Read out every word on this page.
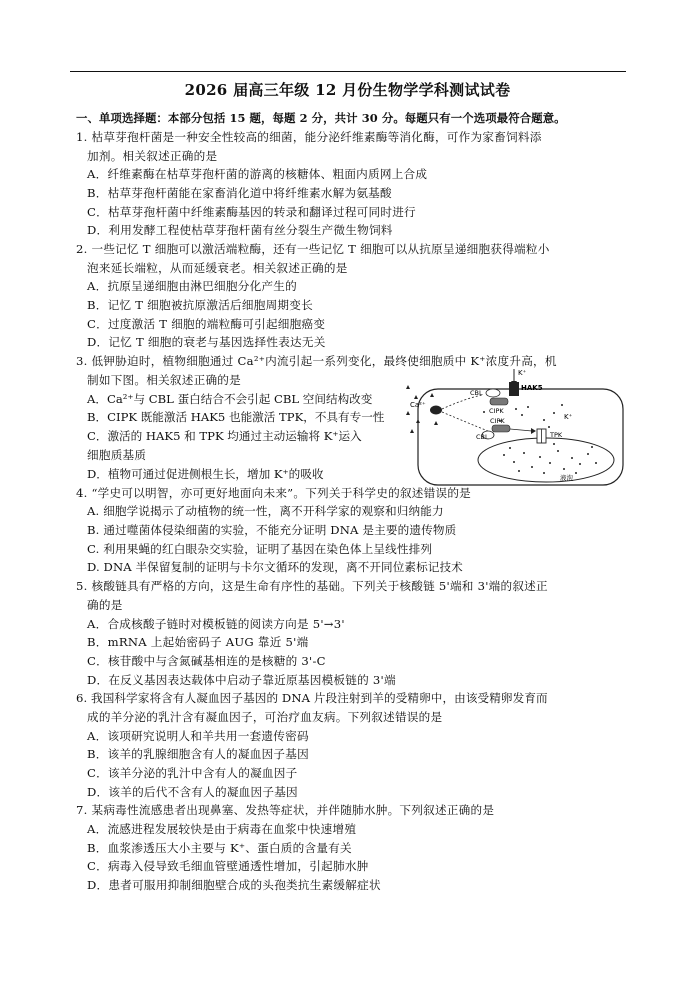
2026 届高三年级 12 月份生物学学科测试试卷
一、单项选择题：本部分包括 15 题，每题 2 分，共计 30 分。每题只有一个选项最符合题意。
1. 枯草芽孢杆菌是一种安全性较高的细菌，能分泌纤维素酶等消化酶，可作为家畜饲料添
加剂。相关叙述正确的是
A．纤维素酶在枯草芽孢杆菌的游离的核糖体、粗面内质网上合成
B．枯草芽孢杆菌能在家畜消化道中将纤维素水解为氨基酸
C．枯草芽孢杆菌中纤维素酶基因的转录和翻译过程可同时进行
D．利用发酵工程使枯草芽孢杆菌有丝分裂生产微生物饲料
2. 一些记忆 T 细胞可以激活端粒酶，还有一些记忆 T 细胞可以从抗原呈递细胞获得端粒小
泡来延长端粒，从而延缓衰老。相关叙述正确的是
A．抗原呈递细胞由淋巴细胞分化产生的
B．记忆 T 细胞被抗原激活后细胞周期变长
C．过度激活 T 细胞的端粒酶可引起细胞癌变
D．记忆 T 细胞的衰老与基因选择性表达无关
3. 低钾胁迫时，植物细胞通过 Ca²⁺内流引起一系列变化，最终使细胞质中 K⁺浓度升高，机
制如下图。相关叙述正确的是
A．Ca²⁺与 CBL 蛋白结合不会引起 CBL 空间结构改变
B．CIPK 既能激活 HAK5 也能激活 TPK，不具有专一性
C．激活的 HAK5 和 TPK 均通过主动运输将 K⁺运入
细胞质基质
D．植物可通过促进侧根生长，增加 K⁺的吸收
Ca²⁺
K⁺
HAK5
CBL
CIPK
K⁺
CIPK
CBL	TPK
液泡
4. “学史可以明智，亦可更好地面向未来”。下列关于科学史的叙述错误的是
A. 细胞学说揭示了动植物的统一性，离不开科学家的观察和归纳能力
B. 通过噬菌体侵染细菌的实验，不能充分证明 DNA 是主要的遗传物质
C. 利用果蝇的红白眼杂交实验，证明了基因在染色体上呈线性排列
D. DNA 半保留复制的证明与卡尔文循环的发现，离不开同位素标记技术
5. 核酸链具有严格的方向，这是生命有序性的基础。下列关于核酸链 5'端和 3'端的叙述正
确的是
A．合成核酸子链时对模板链的阅读方向是 5'→3'
B．mRNA 上起始密码子 AUG 靠近 5'端
C．核苷酸中与含氮碱基相连的是核糖的 3'-C
D．在反义基因表达载体中启动子靠近原基因模板链的 3'端
6. 我国科学家将含有人凝血因子基因的 DNA 片段注射到羊的受精卵中，由该受精卵发育而
成的羊分泌的乳汁含有凝血因子，可治疗血友病。下列叙述错误的是
A．该项研究说明人和羊共用一套遗传密码
B．该羊的乳腺细胞含有人的凝血因子基因
C．该羊分泌的乳汁中含有人的凝血因子
D．该羊的后代不含有人的凝血因子基因
7. 某病毒性流感患者出现鼻塞、发热等症状，并伴随肺水肿。下列叙述正确的是
A．流感进程发展较快是由于病毒在血浆中快速增殖
B．血浆渗透压大小主要与 K⁺、蛋白质的含量有关
C．病毒入侵导致毛细血管壁通透性增加，引起肺水肿
D．患者可服用抑制细胞壁合成的头孢类抗生素缓解症状
